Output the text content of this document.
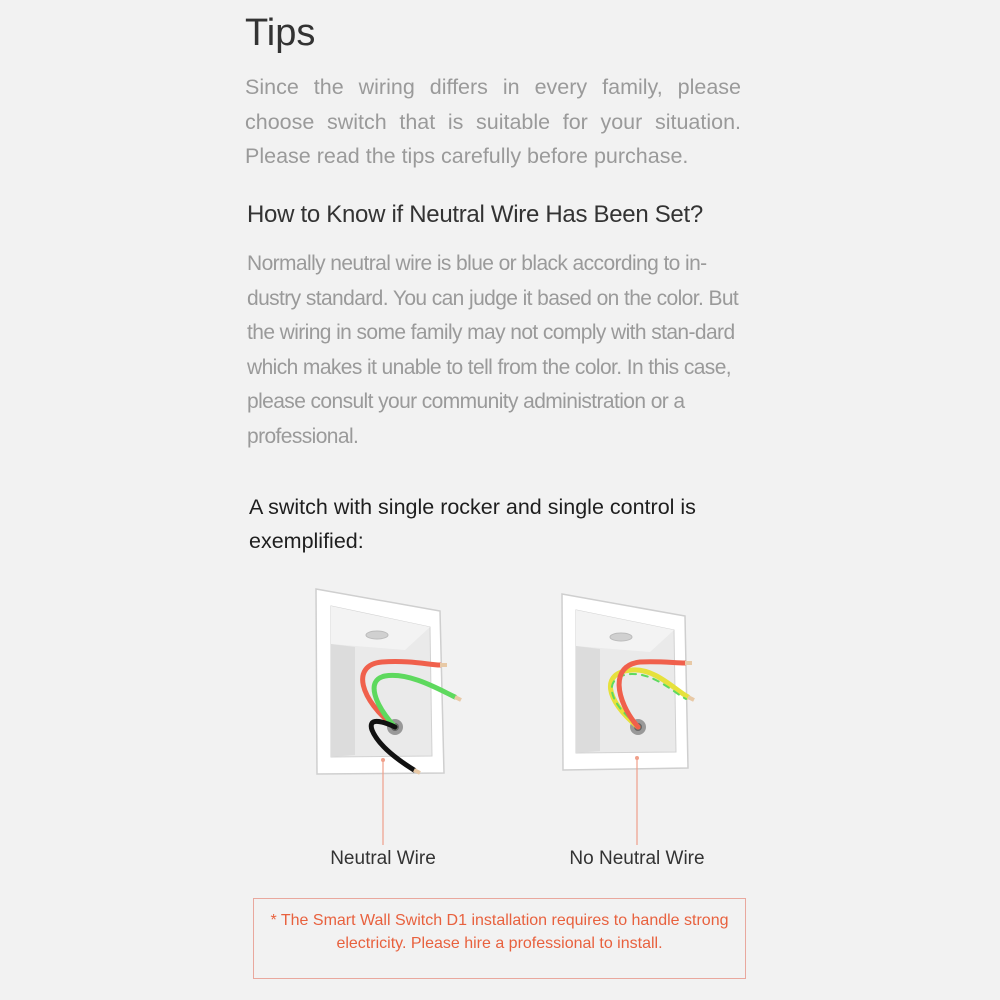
Tips

Since the wiring differs in every family, please choose switch that is suitable for your situation. Please read the tips carefully before purchase.

How to Know if Neutral Wire Has Been Set?

Normally neutral wire is blue or black according to in-dustry standard. You can judge it based on the color. But the wiring in some family may not comply with stan-dard which makes it unable to tell from the color. In this case, please consult your community administration or a professional.

A switch with single rocker and single control is exemplified:

Neutral Wire	No Neutral Wire
* The Smart Wall Switch D1 installation requires to handle strong
electricity. Please hire a professional to install.
